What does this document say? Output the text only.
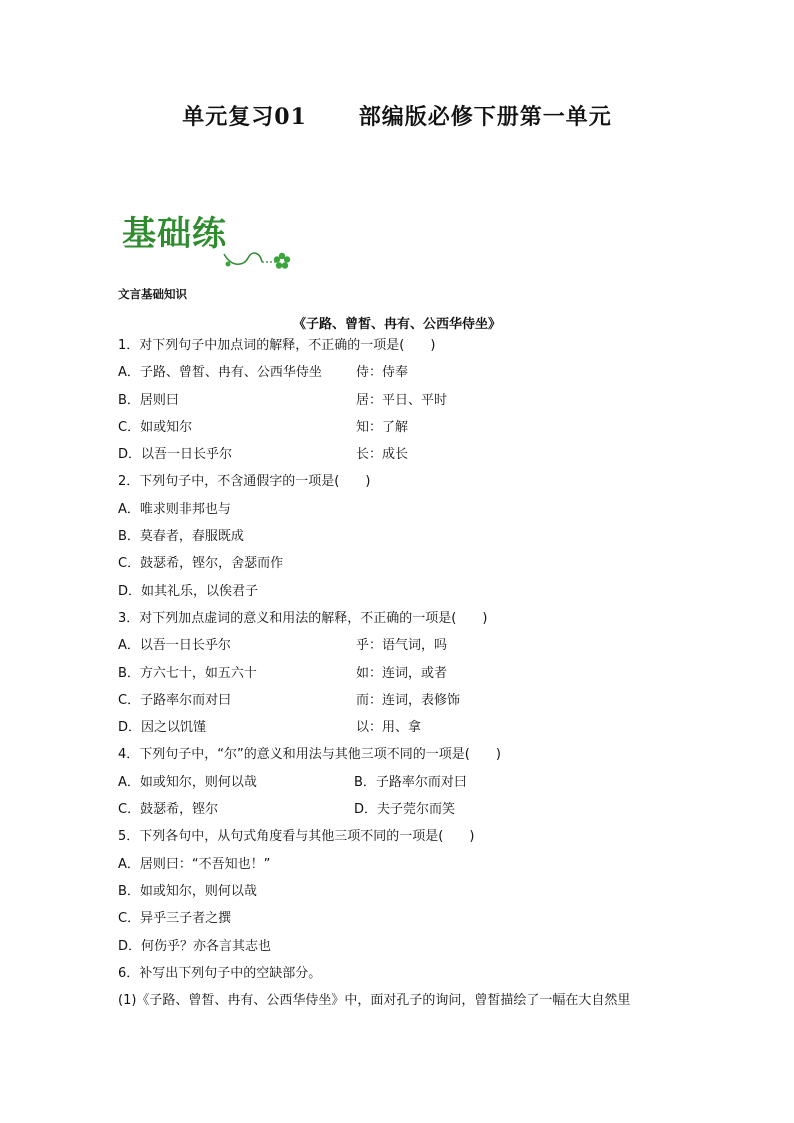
单元复习01      部编版必修下册第一单元
基础练
文言基础知识
《子路、曾皙、冉有、公西华侍坐》
1．对下列句子中加点词的解释，不正确的一项是(　　)
A．子路、曾皙、冉有、公西华侍坐	侍：侍奉
B．居则曰	居：平日、平时
C．如或知尔	知：了解
D．以吾一日长乎尔	长：成长
2．下列句子中，不含通假字的一项是(　　)
A．唯求则非邦也与
B．莫春者，春服既成
C．鼓瑟希，铿尔，舍瑟而作
D．如其礼乐，以俟君子
3．对下列加点虚词的意义和用法的解释，不正确的一项是(　　)
A．以吾一日长乎尔	乎：语气词，吗
B．方六七十，如五六十	如：连词，或者
C．子路率尔而对曰	而：连词，表修饰
D．因之以饥馑	以：用、拿
4．下列句子中，“尔”的意义和用法与其他三项不同的一项是(　　)
A．如或知尔，则何以哉	B．子路率尔而对曰
C．鼓瑟希，铿尔	D．夫子莞尔而笑
5．下列各句中，从句式角度看与其他三项不同的一项是(　　)
A．居则曰：“不吾知也！”
B．如或知尔，则何以哉
C．异乎三子者之撰
D．何伤乎？亦各言其志也
6．补写出下列句子中的空缺部分。
(1)《子路、曾皙、冉有、公西华侍坐》中，面对孔子的询问，曾皙描绘了一幅在大自然里
